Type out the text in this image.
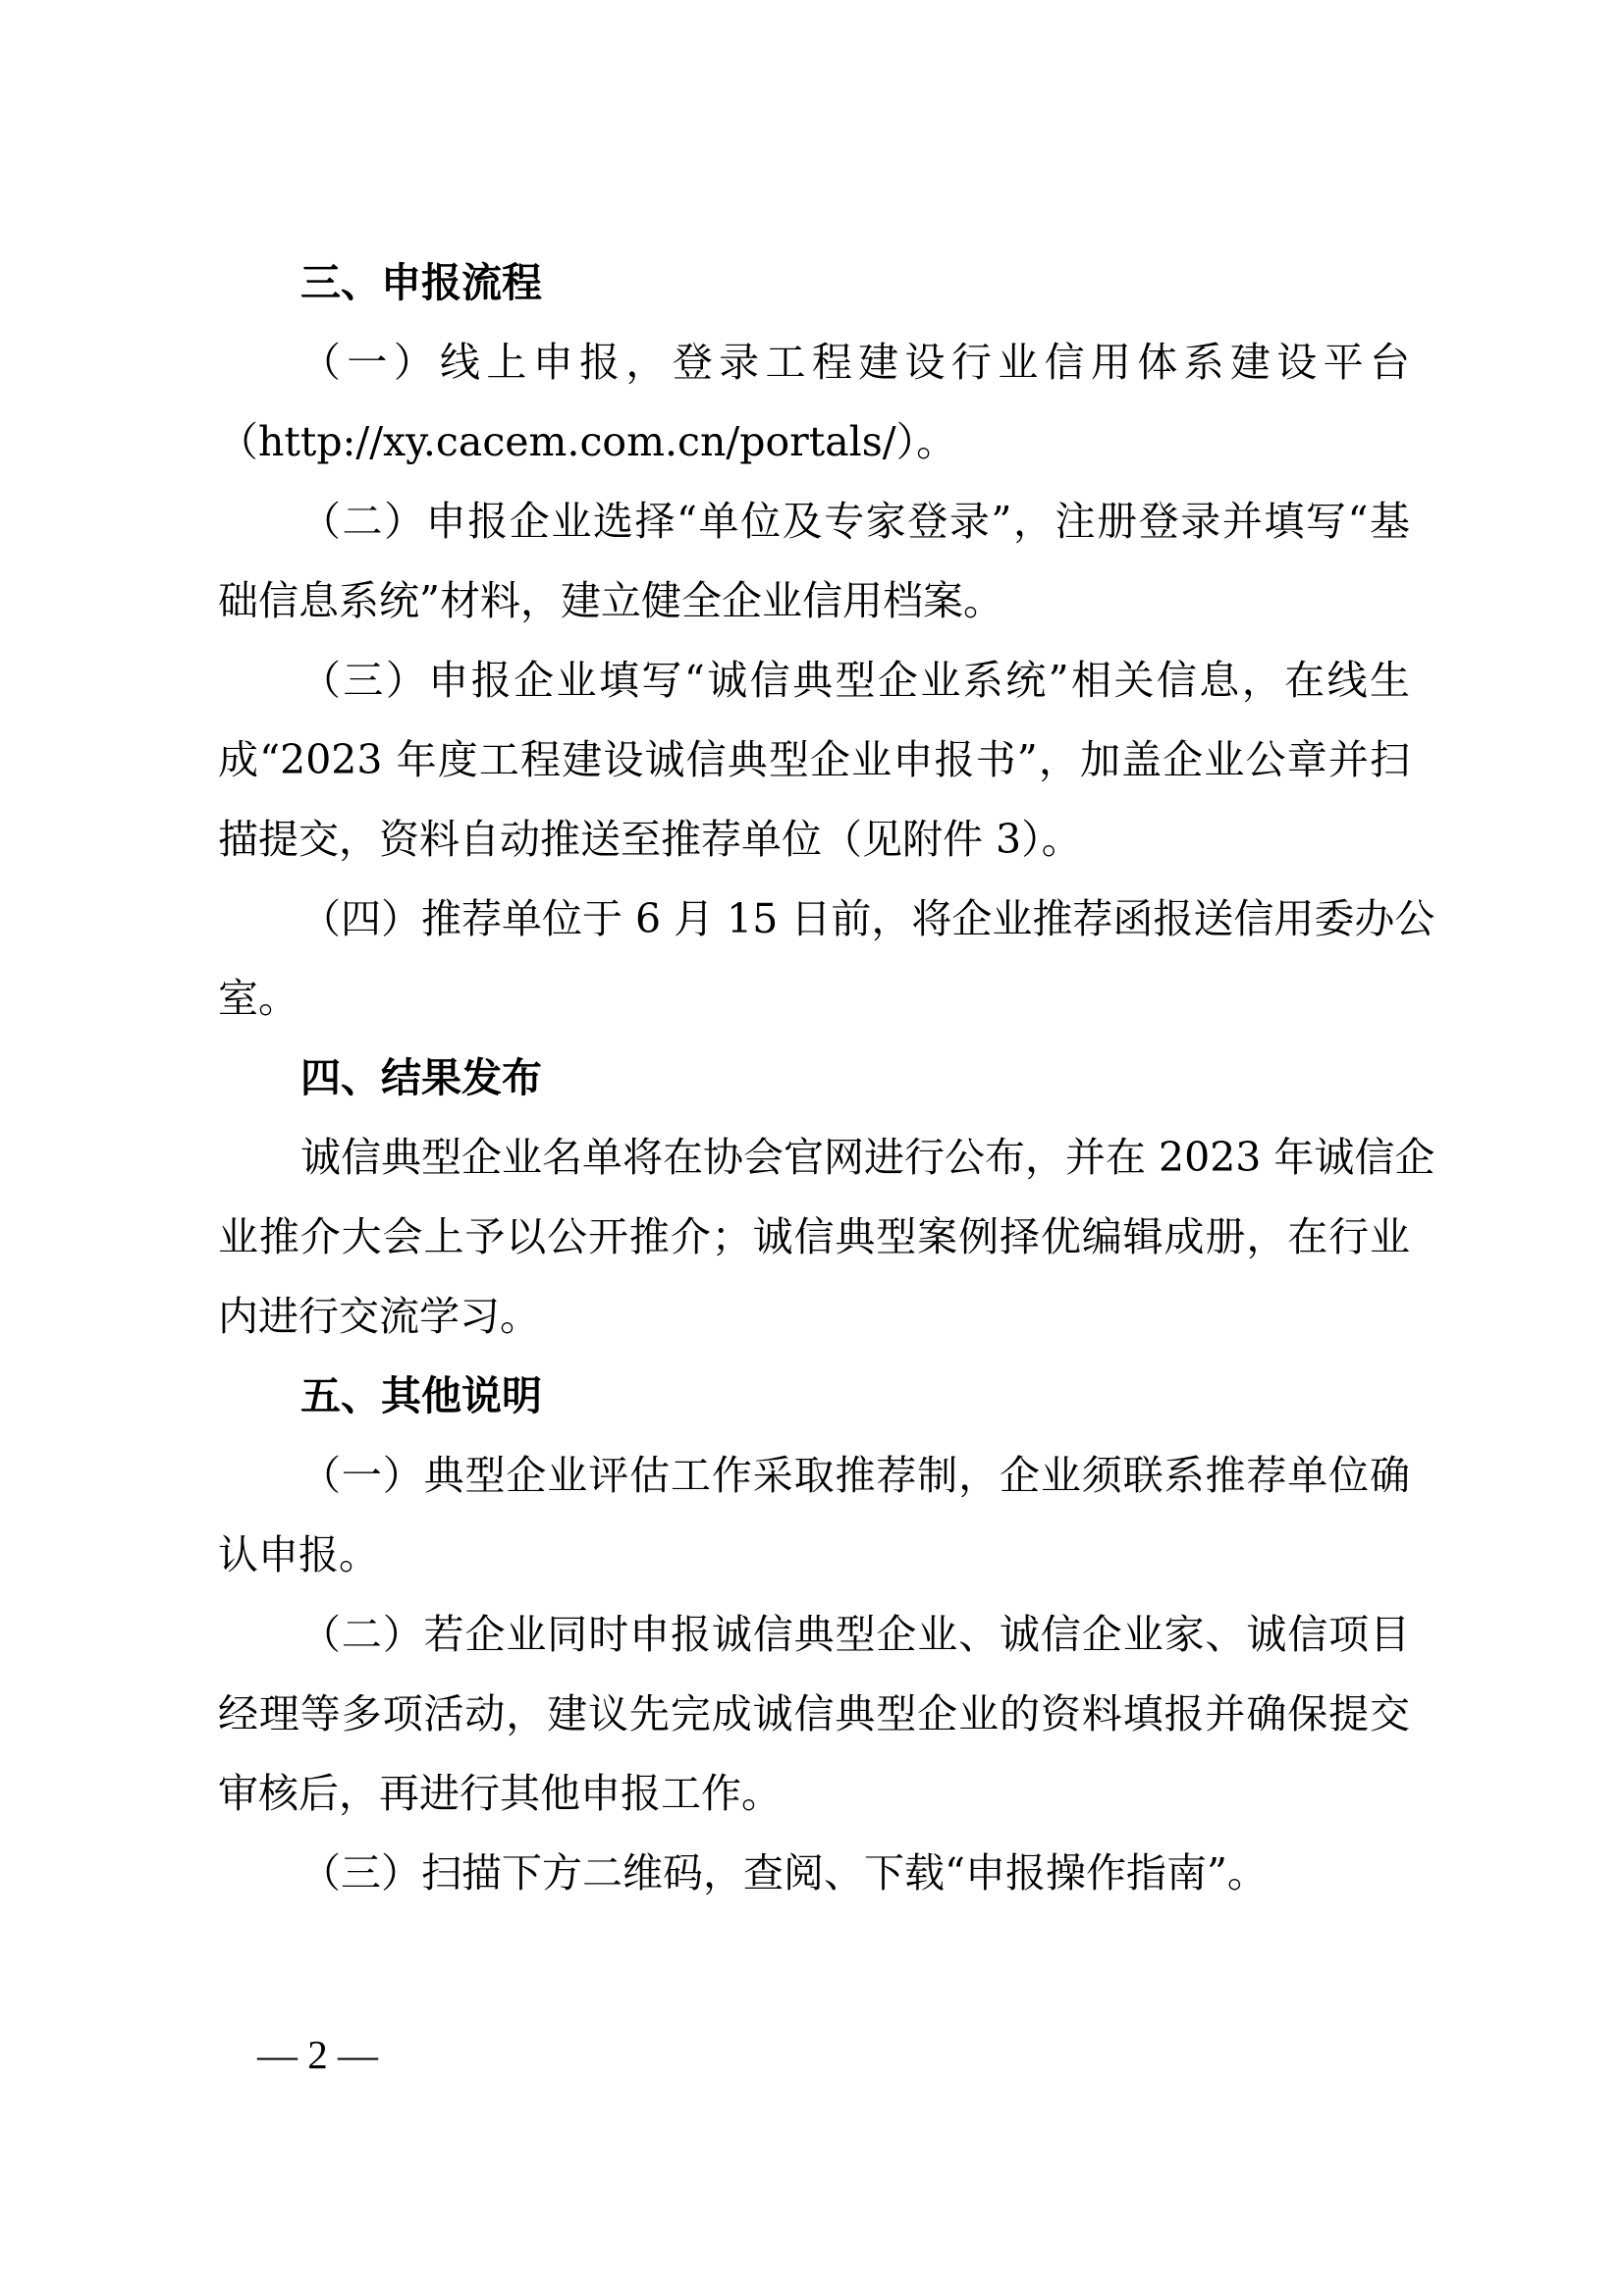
三、申报流程
（一）线上申报，登录工程建设行业信用体系建设平台
（http://xy.cacem.com.cn/portals/）。
（二）申报企业选择“单位及专家登录”，注册登录并填写“基
础信息系统”材料，建立健全企业信用档案。
（三）申报企业填写“诚信典型企业系统”相关信息，在线生
成“2023 年度工程建设诚信典型企业申报书”，加盖企业公章并扫
描提交，资料自动推送至推荐单位（见附件 3）。
（四）推荐单位于 6 月 15 日前，将企业推荐函报送信用委办公
室。
四、结果发布
诚信典型企业名单将在协会官网进行公布，并在 2023 年诚信企
业推介大会上予以公开推介；诚信典型案例择优编辑成册，在行业
内进行交流学习。
五、其他说明
（一）典型企业评估工作采取推荐制，企业须联系推荐单位确
认申报。
（二）若企业同时申报诚信典型企业、诚信企业家、诚信项目
经理等多项活动，建议先完成诚信典型企业的资料填报并确保提交
审核后，再进行其他申报工作。
（三）扫描下方二维码，查阅、下载“申报操作指南”。
— 2 —
